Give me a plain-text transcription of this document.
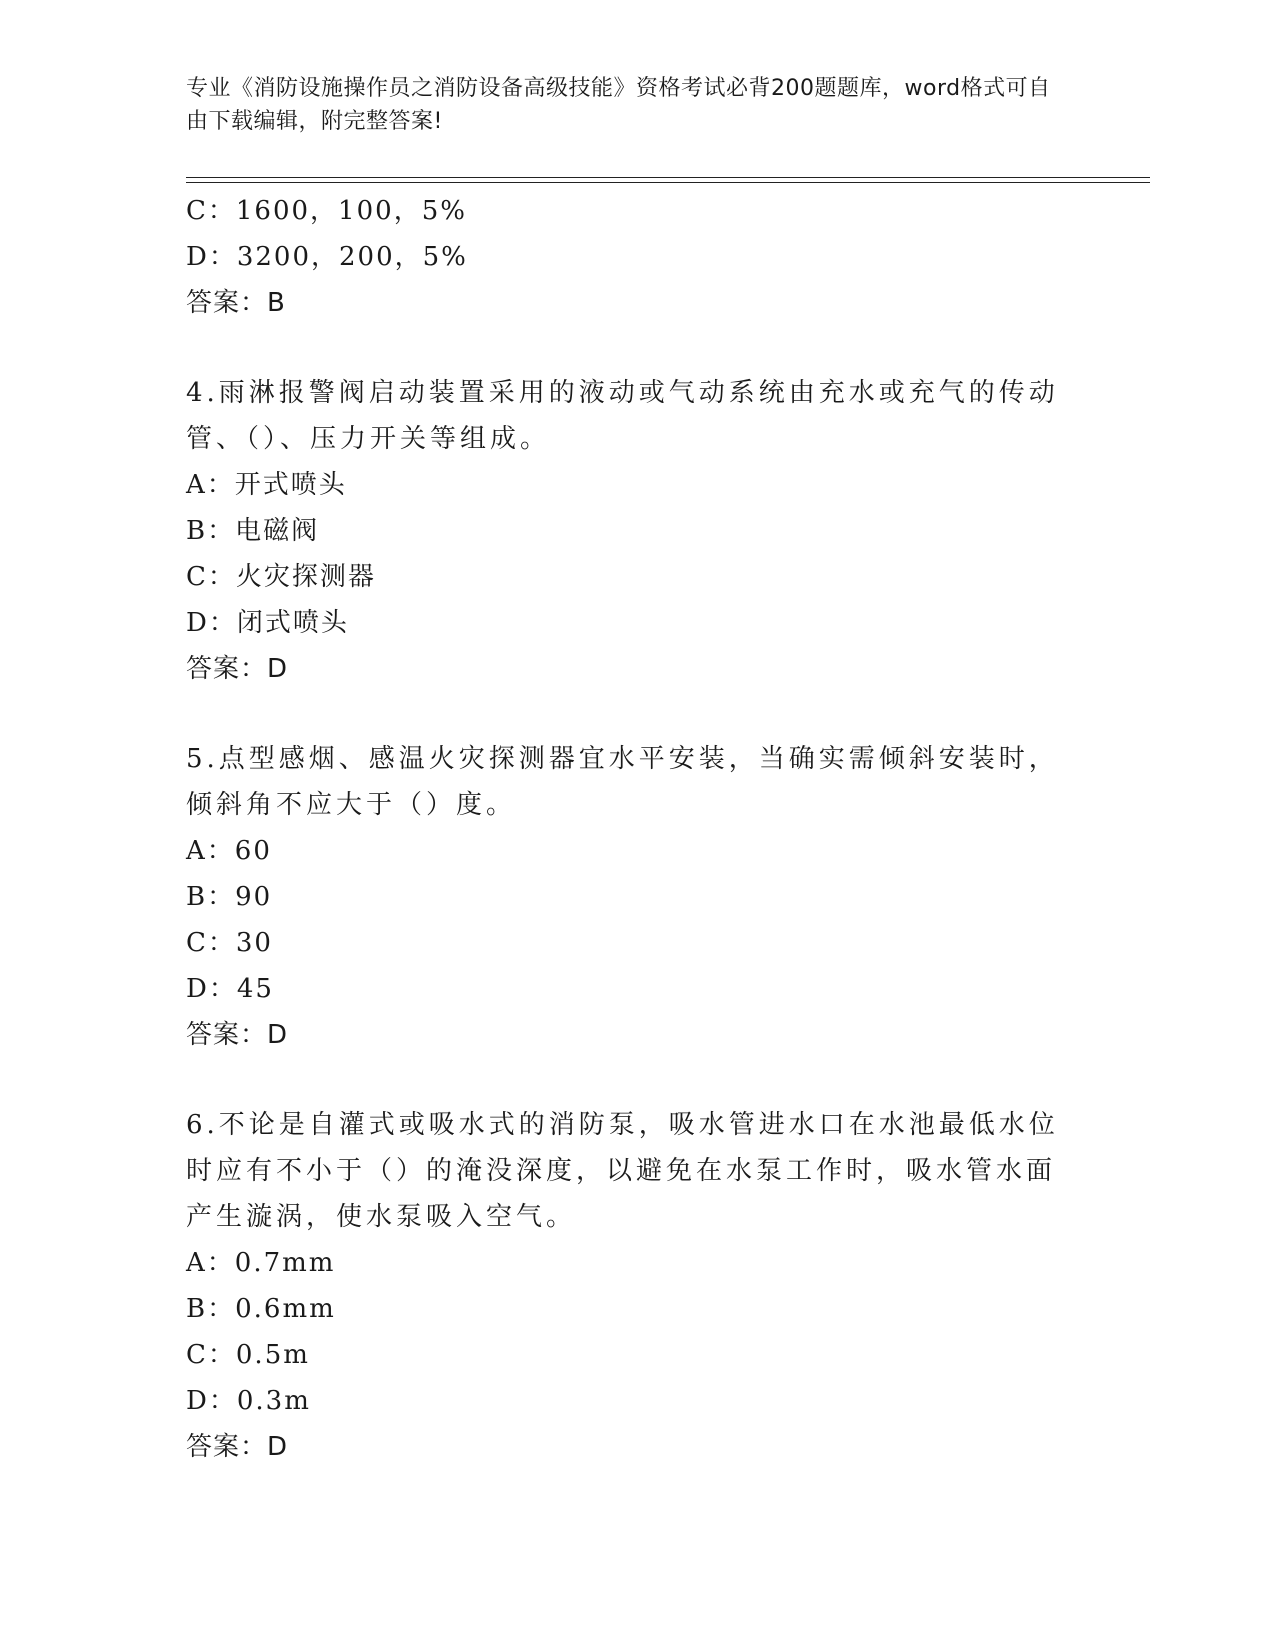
专业《消防设施操作员之消防设备高级技能》资格考试必背200题题库，word格式可自由下载编辑，附完整答案!
C：1600，100，5%
D：3200，200，5%
答案：B
4.雨淋报警阀启动装置采用的液动或气动系统由充水或充气的传动管、（）、压力开关等组成。
A：开式喷头
B：电磁阀
C：火灾探测器
D：闭式喷头
答案：D
5.点型感烟、感温火灾探测器宜水平安装，当确实需倾斜安装时，倾斜角不应大于（）度。
A：60
B：90
C：30
D：45
答案：D
6.不论是自灌式或吸水式的消防泵，吸水管进水口在水池最低水位时应有不小于（）的淹没深度，以避免在水泵工作时，吸水管水面产生漩涡，使水泵吸入空气。
A：0.7mm
B：0.6mm
C：0.5m
D：0.3m
答案：D
